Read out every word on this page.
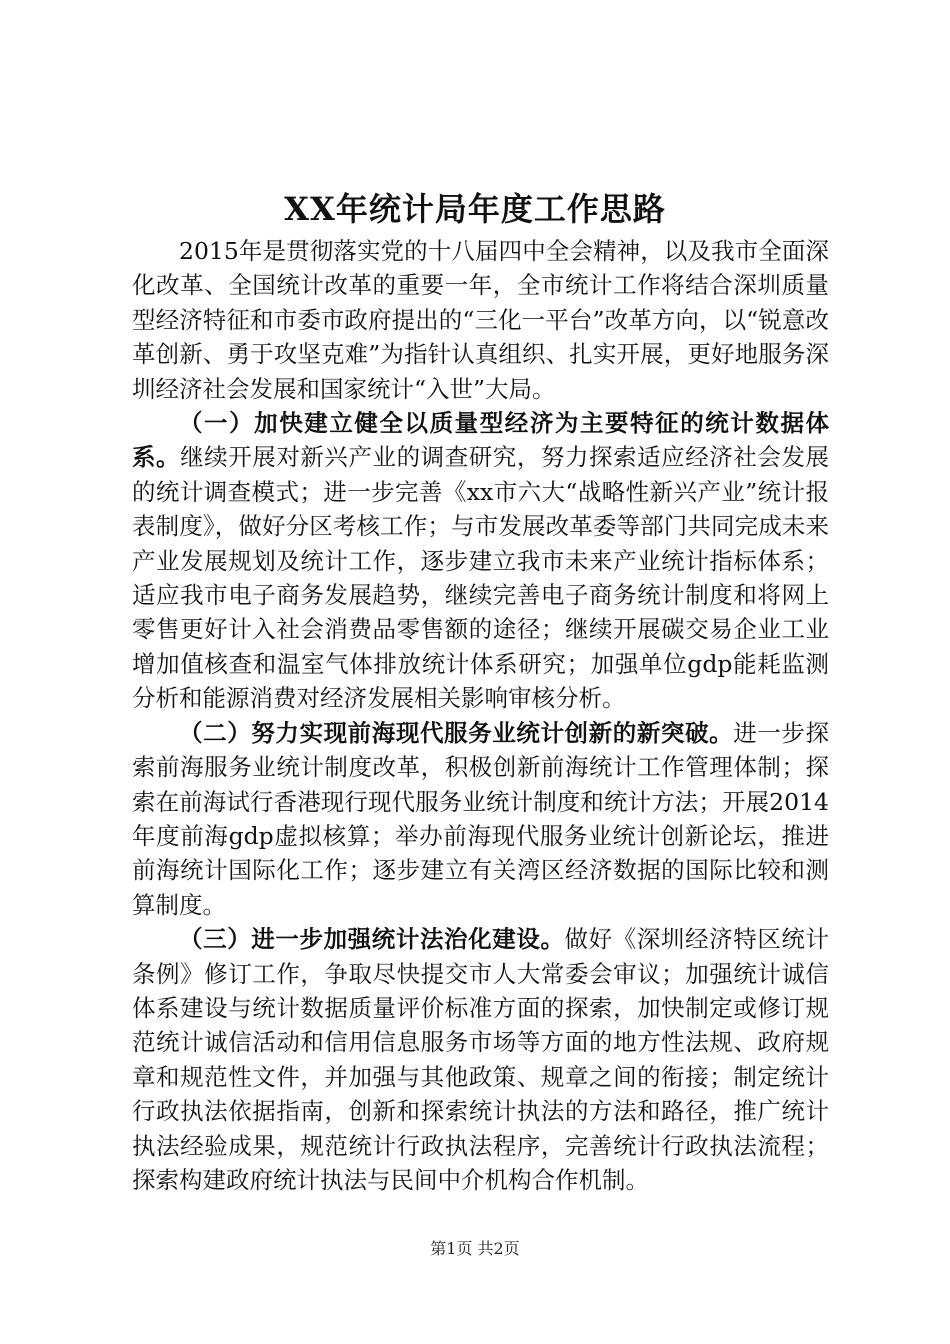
XX年统计局年度工作思路

2015年是贯彻落实党的十八届四中全会精神，以及我市全面深化改革、全国统计改革的重要一年，全市统计工作将结合深圳质量型经济特征和市委市政府提出的“三化一平台”改革方向，以“锐意改革创新、勇于攻坚克难”为指针认真组织、扎实开展，更好地服务深圳经济社会发展和国家统计“入世”大局。

（一）加快建立健全以质量型经济为主要特征的统计数据体系。继续开展对新兴产业的调查研究，努力探索适应经济社会发展的统计调查模式；进一步完善《xx市六大“战略性新兴产业”统计报表制度》，做好分区考核工作；与市发展改革委等部门共同完成未来产业发展规划及统计工作，逐步建立我市未来产业统计指标体系；适应我市电子商务发展趋势，继续完善电子商务统计制度和将网上零售更好计入社会消费品零售额的途径；继续开展碳交易企业工业增加值核查和温室气体排放统计体系研究；加强单位gdp能耗监测分析和能源消费对经济发展相关影响审核分析。

（二）努力实现前海现代服务业统计创新的新突破。进一步探索前海服务业统计制度改革，积极创新前海统计工作管理体制；探索在前海试行香港现行现代服务业统计制度和统计方法；开展2014年度前海gdp虚拟核算；举办前海现代服务业统计创新论坛，推进前海统计国际化工作；逐步建立有关湾区经济数据的国际比较和测算制度。

（三）进一步加强统计法治化建设。做好《深圳经济特区统计条例》修订工作，争取尽快提交市人大常委会审议；加强统计诚信体系建设与统计数据质量评价标准方面的探索，加快制定或修订规范统计诚信活动和信用信息服务市场等方面的地方性法规、政府规章和规范性文件，并加强与其他政策、规章之间的衔接；制定统计行政执法依据指南，创新和探索统计执法的方法和路径，推广统计执法经验成果，规范统计行政执法程序，完善统计行政执法流程；探索构建政府统计执法与民间中介机构合作机制。

第1页 共2页
